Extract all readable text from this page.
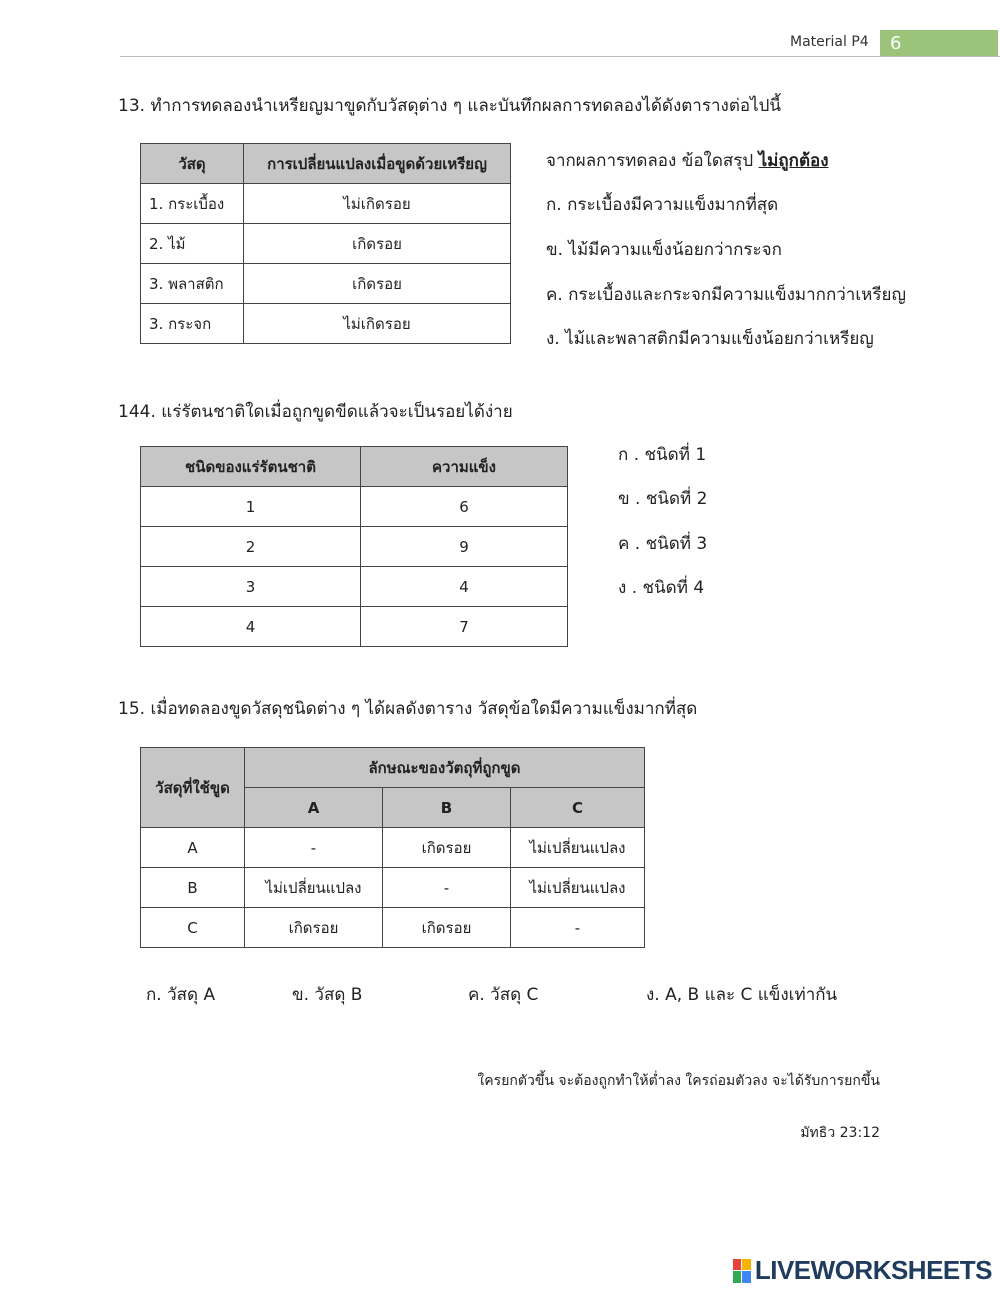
Material P4	6
13. ทำการทดลองนำเหรียญมาขูดกับวัสดุต่าง ๆ และบันทึกผลการทดลองได้ดังตารางต่อไปนี้
วัสดุ	การเปลี่ยนแปลงเมื่อขูดด้วยเหรียญ
1. กระเบื้อง	ไม่เกิดรอย
2. ไม้	เกิดรอย
3. พลาสติก	เกิดรอย
3. กระจก	ไม่เกิดรอย
จากผลการทดลอง ข้อใดสรุป ไม่ถูกต้อง
ก. กระเบื้องมีความแข็งมากที่สุด
ข. ไม้มีความแข็งน้อยกว่ากระจก
ค. กระเบื้องและกระจกมีความแข็งมากกว่าเหรียญ
ง. ไม้และพลาสติกมีความแข็งน้อยกว่าเหรียญ
144. แร่รัตนชาติใดเมื่อถูกขูดขีดแล้วจะเป็นรอยได้ง่าย
ชนิดของแร่รัตนชาติ	ความแข็ง
1	6
2	9
3	4
4	7
ก . ชนิดที่ 1
ข . ชนิดที่ 2
ค . ชนิดที่ 3
ง . ชนิดที่ 4
15. เมื่อทดลองขูดวัสดุชนิดต่าง ๆ ได้ผลดังตาราง วัสดุข้อใดมีความแข็งมากที่สุด
วัสดุที่ใช้ขูด	ลักษณะของวัตถุที่ถูกขูด		
	A	B	C
A	-	เกิดรอย	ไม่เปลี่ยนแปลง
B	ไม่เปลี่ยนแปลง	-	ไม่เปลี่ยนแปลง
C	เกิดรอย	เกิดรอย	-
ก. วัสดุ A	ข. วัสดุ B	ค. วัสดุ C	ง. A, B และ C แข็งเท่ากัน
ใครยกตัวขึ้น จะต้องถูกทำให้ต่ำลง ใครถ่อมตัวลง จะได้รับการยกขึ้น
มัทธิว 23:12
LIVEWORKSHEETS
